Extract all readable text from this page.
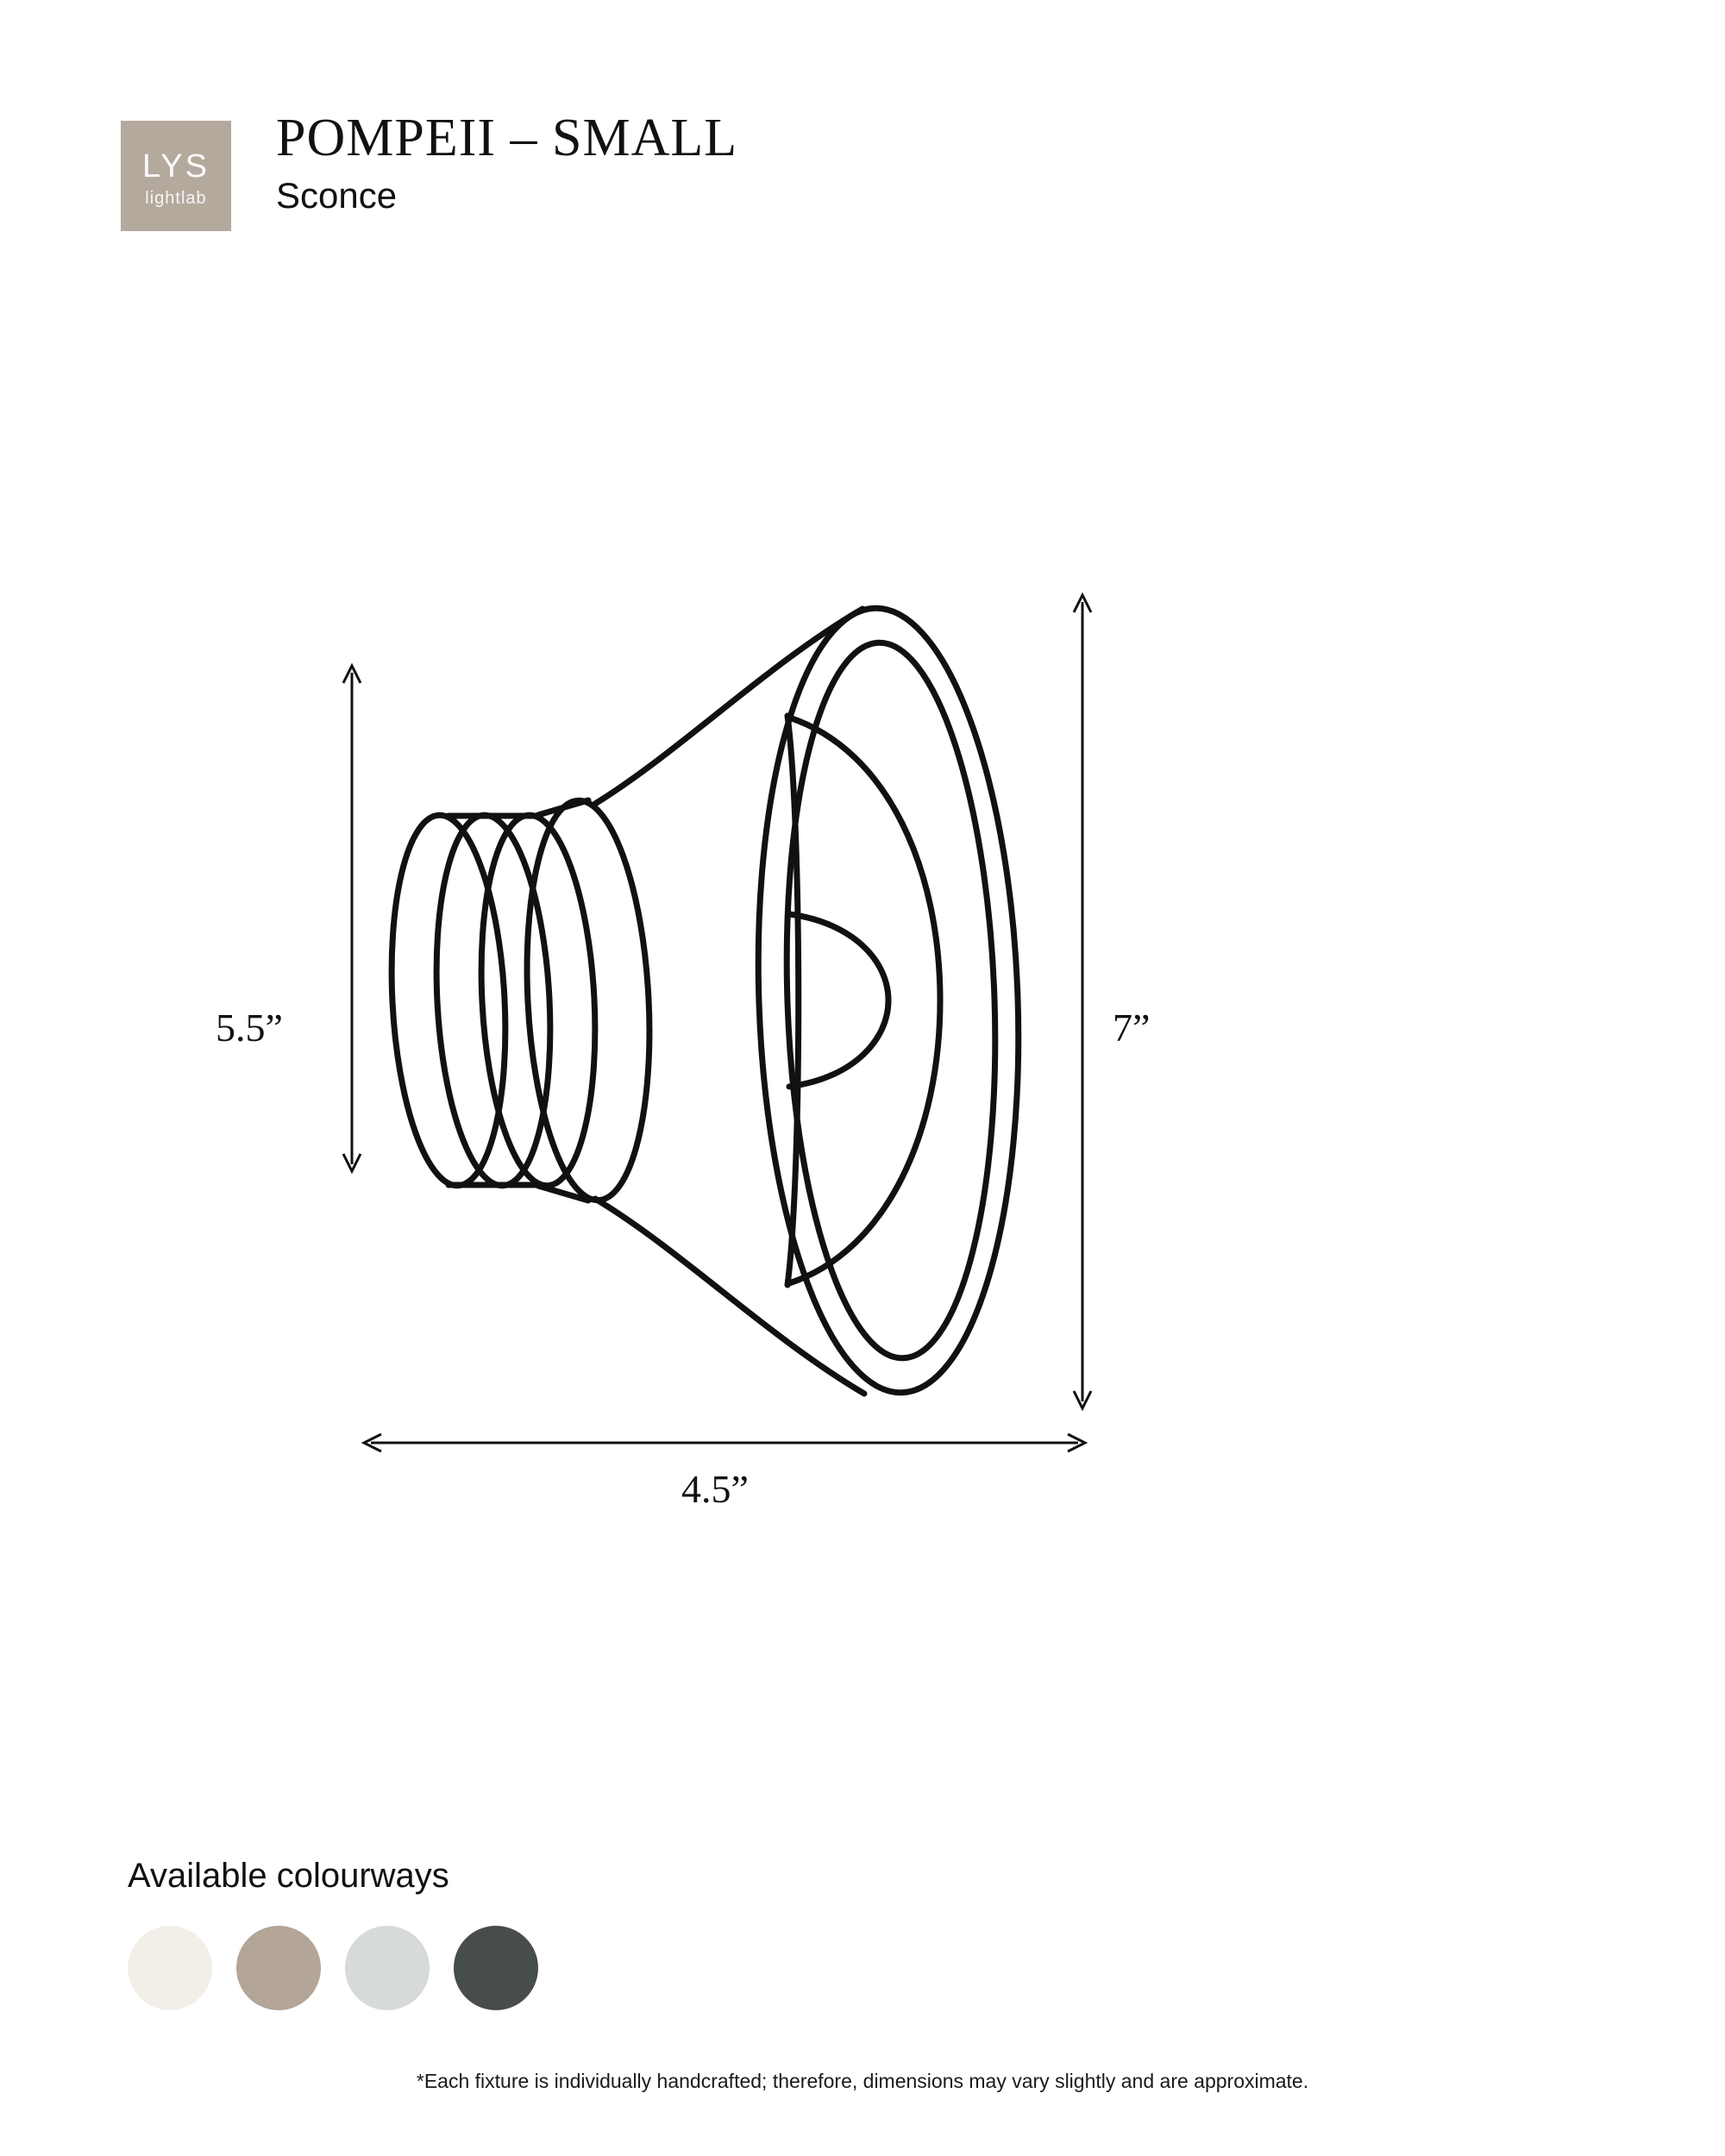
LYS
lightlab
POMPEII – SMALL
Sconce
5.5”	7”
4.5”
Available colourways
*Each fixture is individually handcrafted; therefore, dimensions may vary slightly and are approximate.
